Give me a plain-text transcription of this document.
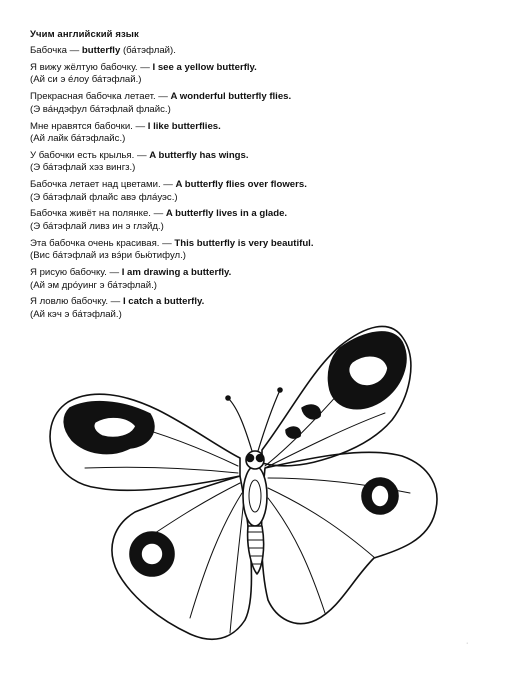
Учим английский язык
Бабочка — butterfly (ба́тэфлай).
Я вижу жёлтую бабочку. — I see a yellow butterfly.
(Ай си э е́лоу ба́тэфлай.)
Прекрасная бабочка летает. — A wonderful butterfly flies.
(Э ва́ндэфул ба́тэфлай флайс.)
Мне нравятся бабочки. — I like butterflies.
(Ай лайк ба́тэфлайс.)
У бабочки есть крылья. — A butterfly has wings.
(Э ба́тэфлай хэз вингз.)
Бабочка летает над цветами. — A butterfly flies over flowers.
(Э ба́тэфлай флайс авэ фла́уэс.)
Бабочка живёт на полянке. — A butterfly lives in a glade.
(Э ба́тэфлай ливз ин э глэйд.)
Эта бабочка очень красивая. — This butterfly is very beautiful.
(Вис ба́тэфлай из вэ́ри бью́тифул.)
Я рисую бабочку. — I am drawing a butterfly.
(Ай эм дро́уинг э ба́тэфлай.)
Я ловлю бабочку. — I catch a butterfly.
(Ай кэч э ба́тэфлай.)
·
